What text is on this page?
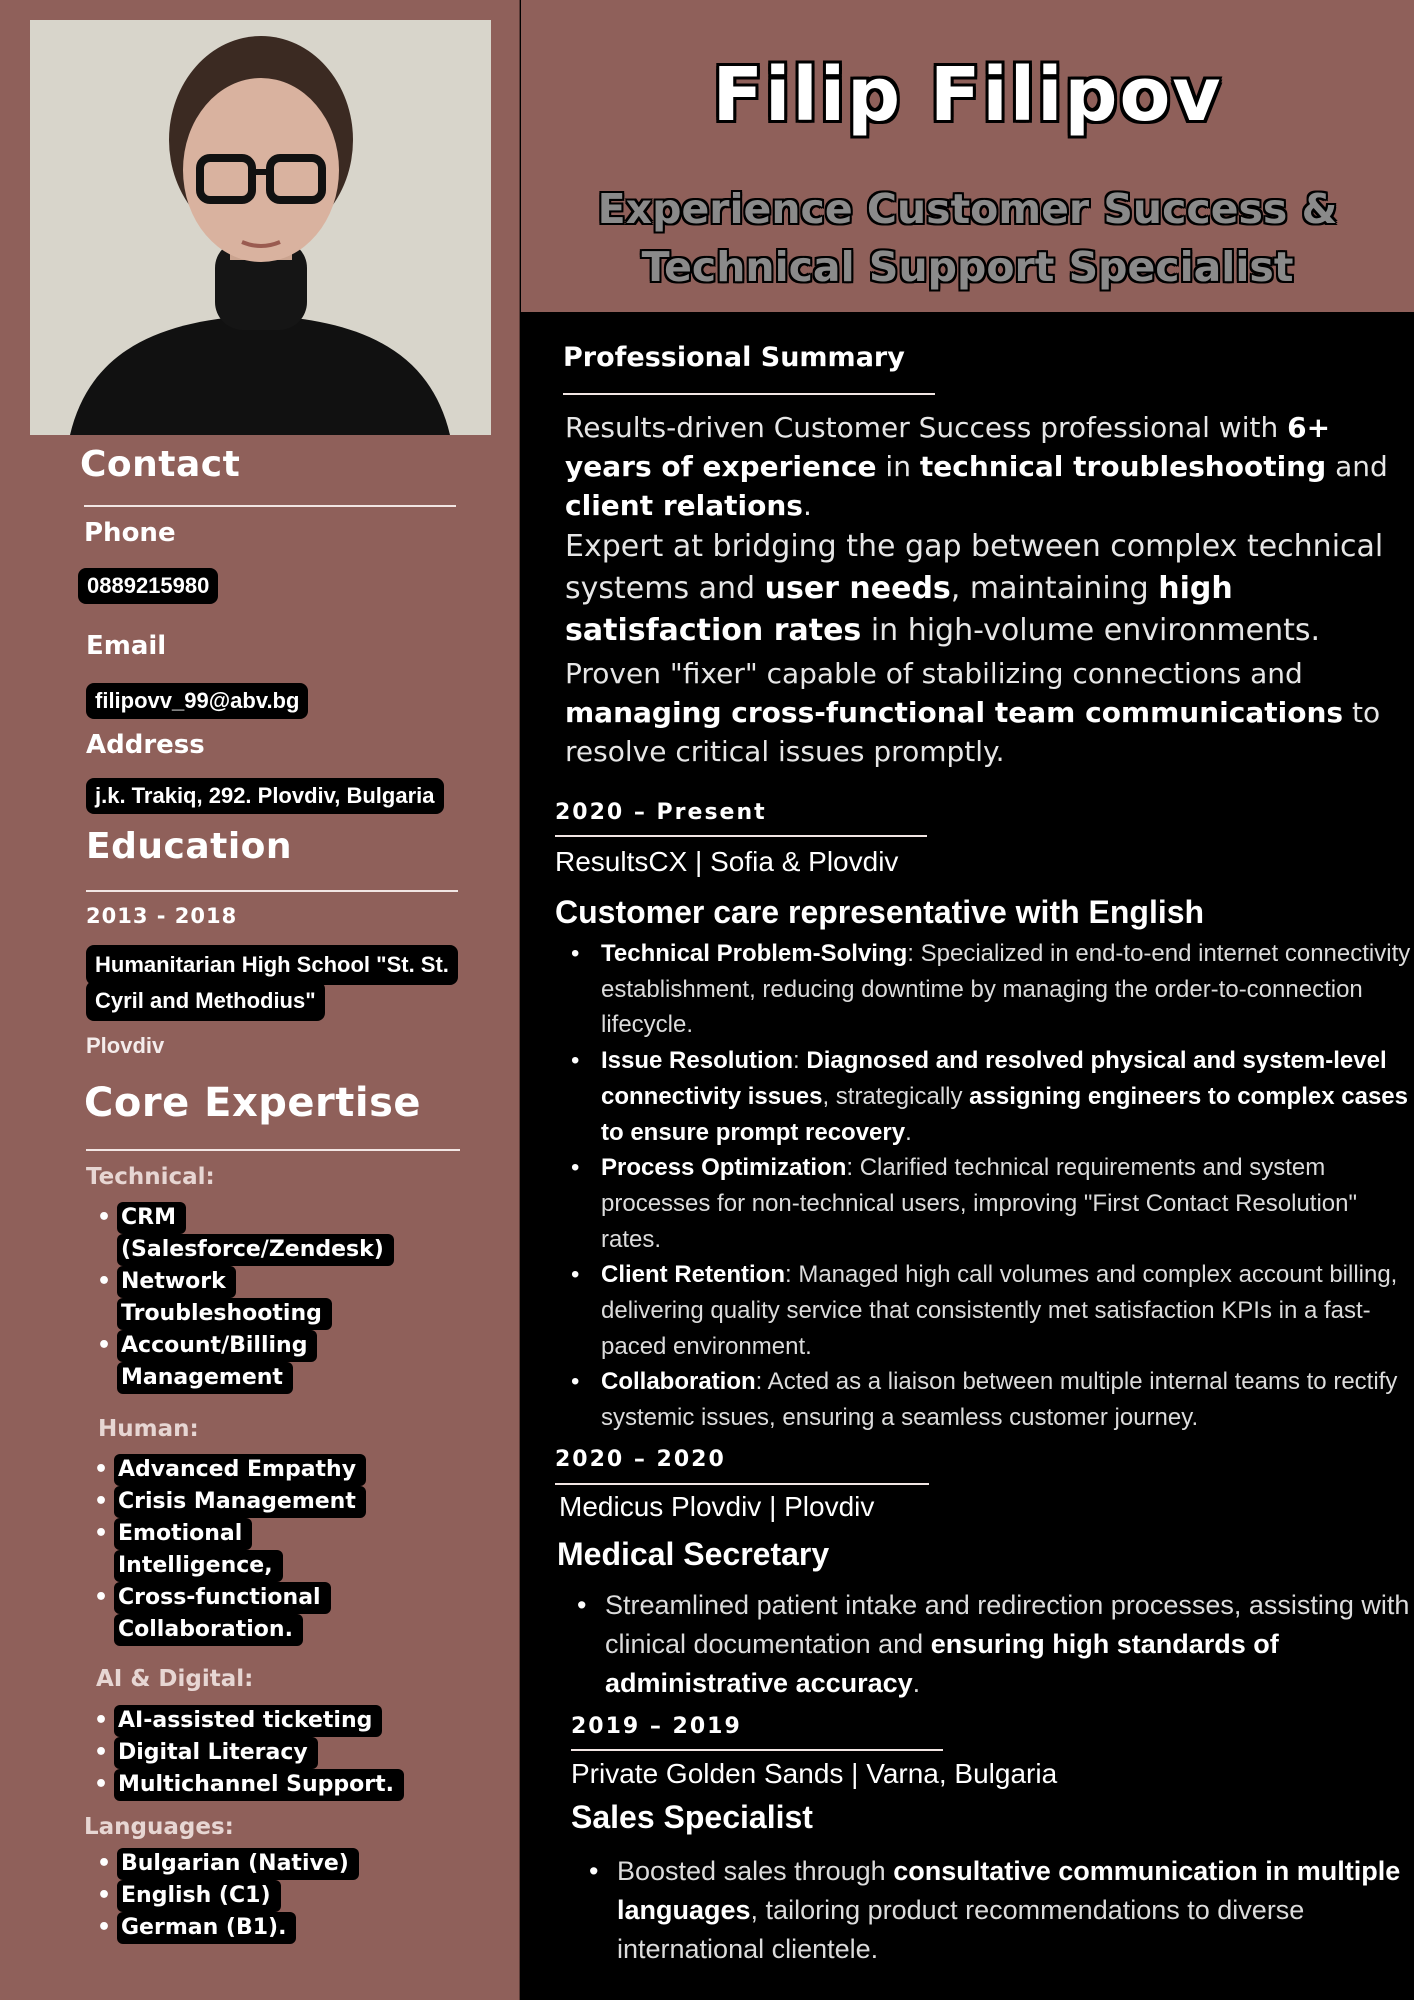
Contact
Phone
0889215980
Email
filipovv_99@abv.bg
Address
j.k. Trakiq, 292. Plovdiv, Bulgaria
Education
2013 - 2018
Humanitarian High School "St. St.
Cyril and Methodius"
Plovdiv
Core Expertise
Technical:
• CRM
(Salesforce/Zendesk)
• Network
Troubleshooting
• Account/Billing
Management
Human:
• Advanced Empathy
• Crisis Management
• Emotional
Intelligence,
• Cross-functional
Collaboration.
AI & Digital:
• AI-assisted ticketing
• Digital Literacy
• Multichannel Support.
Languages:
• Bulgarian (Native)
• English (C1)
• German (B1).
Filip Filipov
Experience Customer Success &
Technical Support Specialist
Professional Summary

Results-driven Customer Success professional with 6+ years of experience in technical troubleshooting and client relations.

Expert at bridging the gap between complex technical systems and user needs, maintaining high satisfaction rates in high-volume environments.

Proven "fixer" capable of stabilizing connections and managing cross-functional team communications to resolve critical issues promptly.

2020 – Present
ResultsCX | Sofia & Plovdiv
Customer care representative with English
• Technical Problem-Solving: Specialized in end-to-end internet connectivity establishment, reducing downtime by managing the order-to-connection lifecycle.
• Issue Resolution: Diagnosed and resolved physical and system-level connectivity issues, strategically assigning engineers to complex cases to ensure prompt recovery.
• Process Optimization: Clarified technical requirements and system processes for non-technical users, improving "First Contact Resolution" rates.
• Client Retention: Managed high call volumes and complex account billing, delivering quality service that consistently met satisfaction KPIs in a fast-paced environment.
• Collaboration: Acted as a liaison between multiple internal teams to rectify systemic issues, ensuring a seamless customer journey.
2020 – 2020
Medicus Plovdiv | Plovdiv
Medical Secretary
• Streamlined patient intake and redirection processes, assisting with clinical documentation and ensuring high standards of administrative accuracy.
2019 – 2019
Private Golden Sands | Varna, Bulgaria
Sales Specialist
• Boosted sales through consultative communication in multiple languages, tailoring product recommendations to diverse international clientele.
